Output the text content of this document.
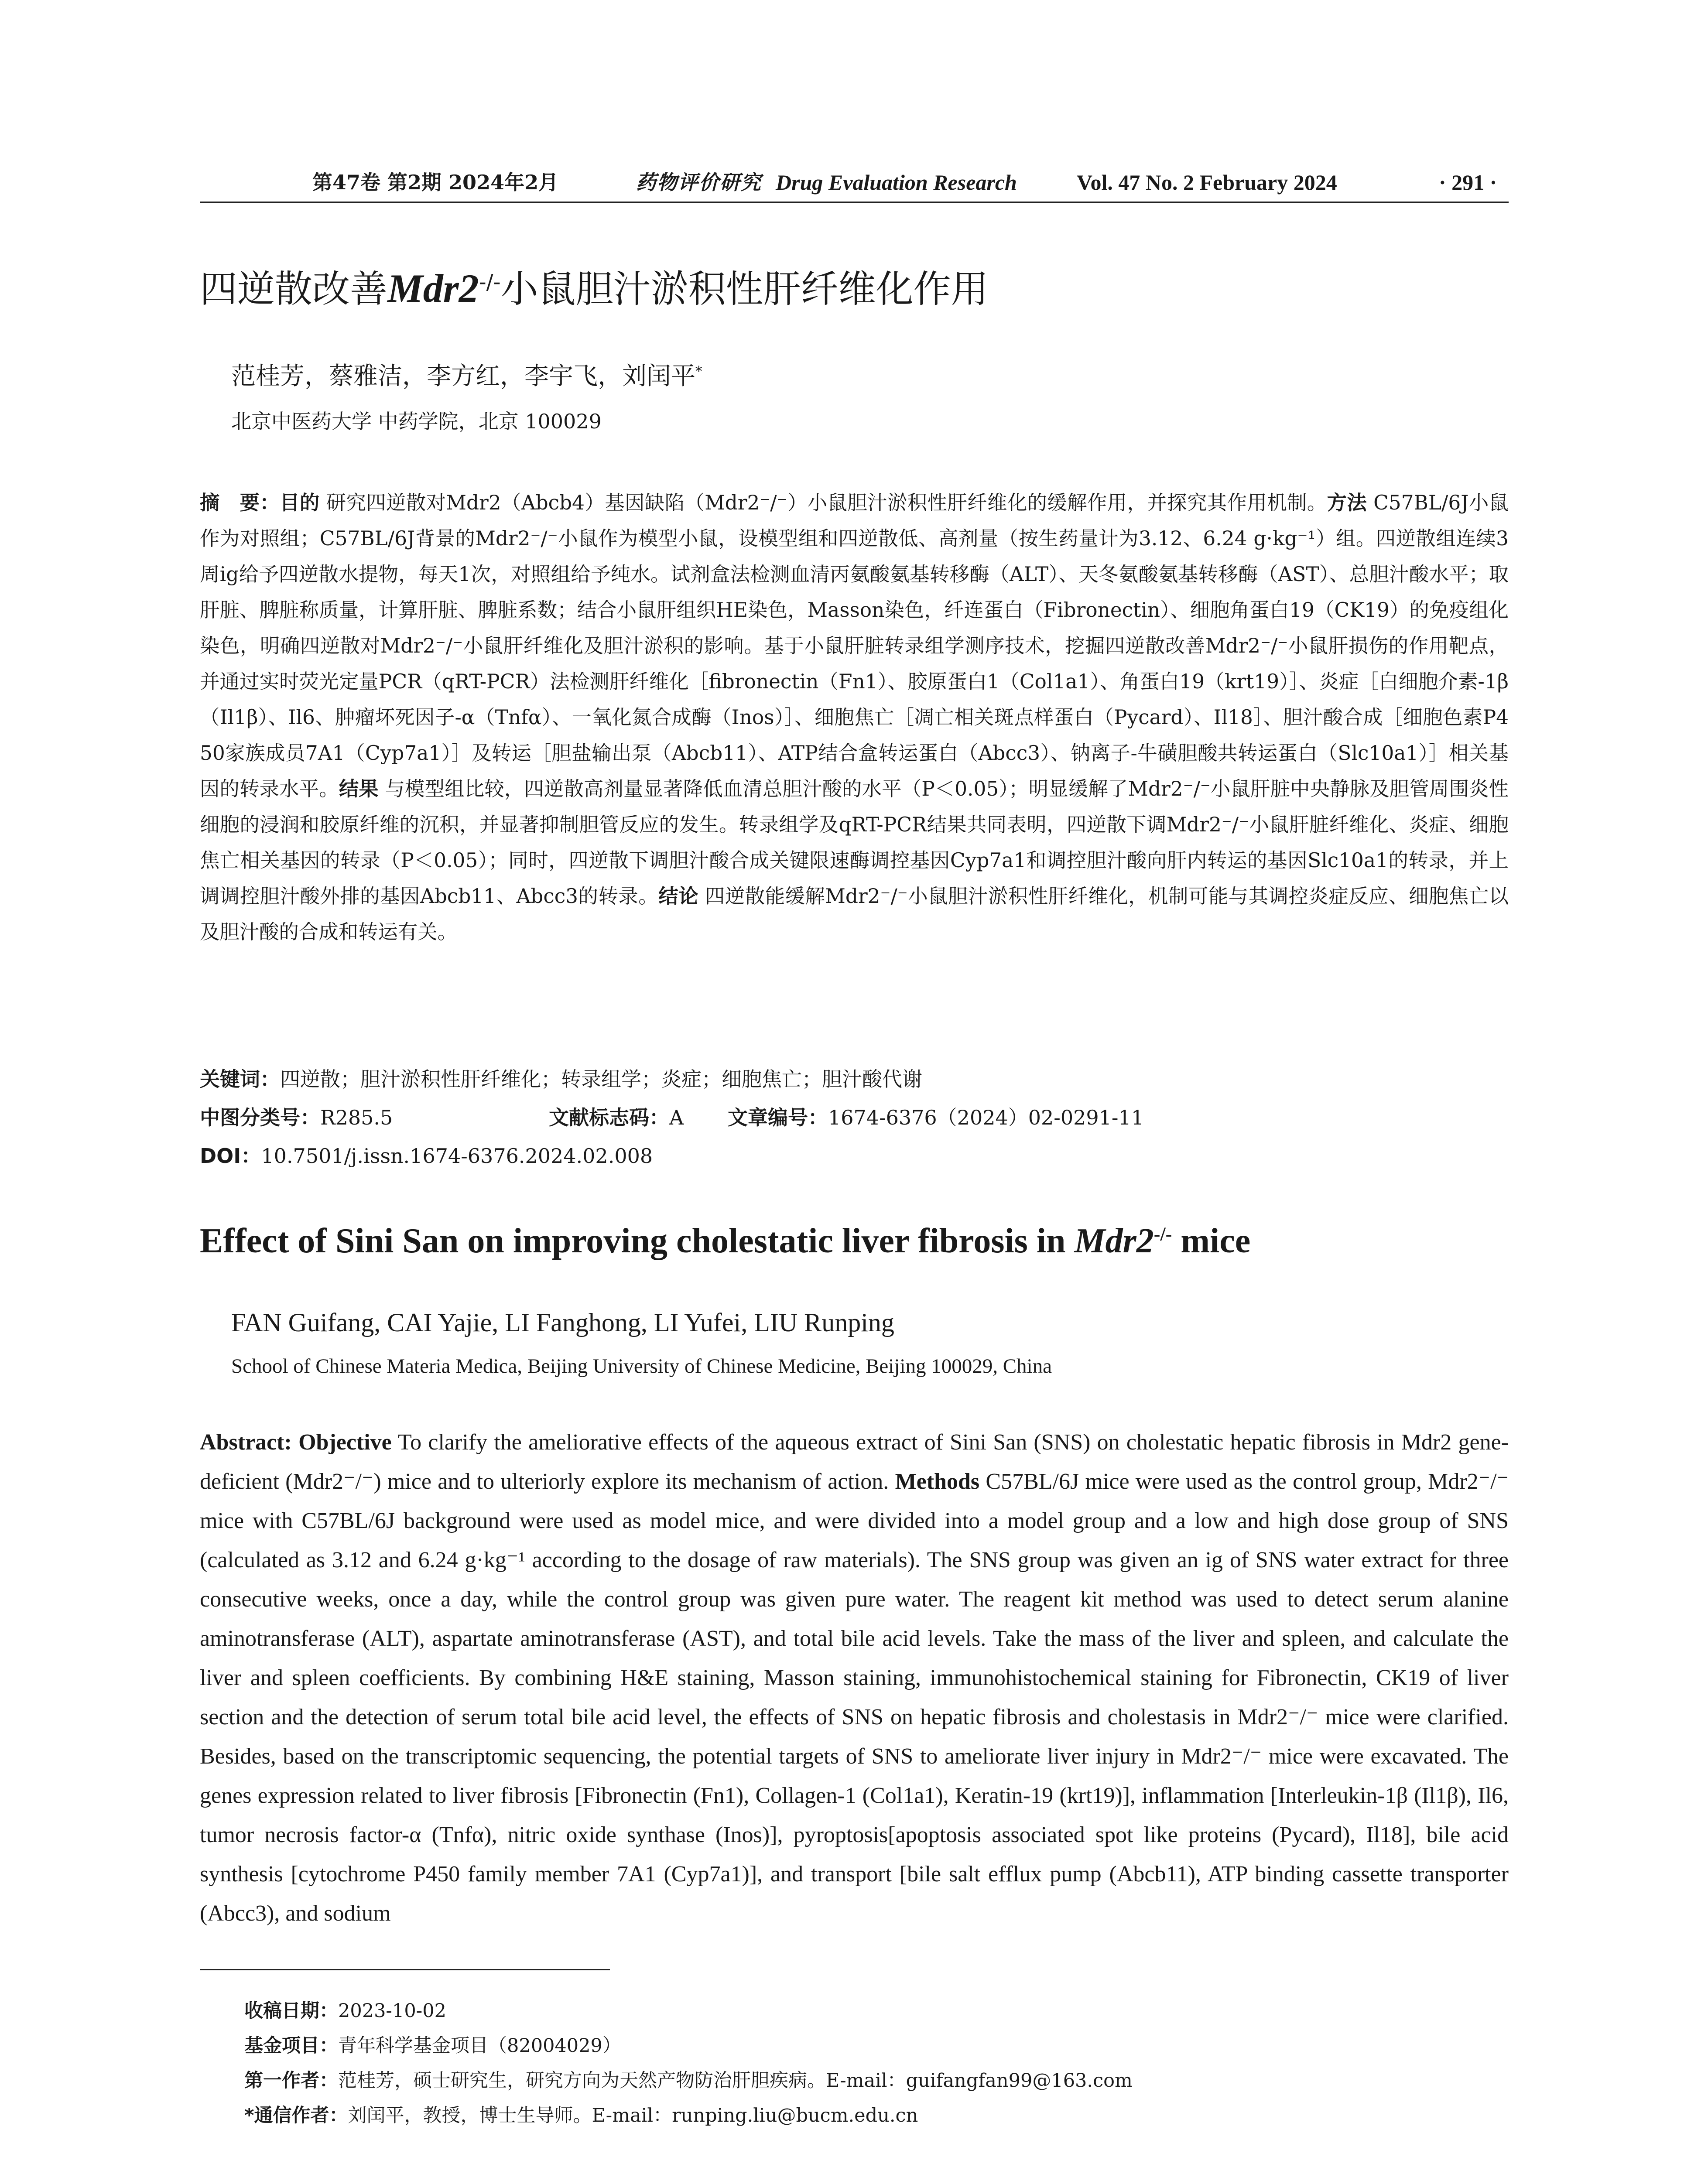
第47卷 第2期 2024年2月	药物评价研究 Drug Evaluation Research	Vol. 47 No. 2 February 2024	· 291 ·
四逆散改善Mdr2-/-小鼠胆汁淤积性肝纤维化作用
范桂芳，蔡雅洁，李方红，李宇飞，刘闰平*
北京中医药大学 中药学院，北京 100029
摘　要：目的 研究四逆散对Mdr2（Abcb4）基因缺陷（Mdr2⁻/⁻）小鼠胆汁淤积性肝纤维化的缓解作用，并探究其作用机制。方法 C57BL/6J小鼠作为对照组；C57BL/6J背景的Mdr2⁻/⁻小鼠作为模型小鼠，设模型组和四逆散低、高剂量（按生药量计为3.12、6.24 g·kg⁻¹）组。四逆散组连续3周ig给予四逆散水提物，每天1次，对照组给予纯水。试剂盒法检测血清丙氨酸氨基转移酶（ALT）、天冬氨酸氨基转移酶（AST）、总胆汁酸水平；取肝脏、脾脏称质量，计算肝脏、脾脏系数；结合小鼠肝组织HE染色，Masson染色，纤连蛋白（Fibronectin）、细胞角蛋白19（CK19）的免疫组化染色，明确四逆散对Mdr2⁻/⁻小鼠肝纤维化及胆汁淤积的影响。基于小鼠肝脏转录组学测序技术，挖掘四逆散改善Mdr2⁻/⁻小鼠肝损伤的作用靶点，并通过实时荧光定量PCR（qRT-PCR）法检测肝纤维化［fibronectin（Fn1）、胶原蛋白1（Col1a1）、角蛋白19（krt19）］、炎症［白细胞介素-1β（Il1β）、Il6、肿瘤坏死因子-α（Tnfα）、一氧化氮合成酶（Inos）］、细胞焦亡［凋亡相关斑点样蛋白（Pycard）、Il18］、胆汁酸合成［细胞色素P450家族成员7A1（Cyp7a1）］及转运［胆盐输出泵（Abcb11）、ATP结合盒转运蛋白（Abcc3）、钠离子-牛磺胆酸共转运蛋白（Slc10a1）］相关基因的转录水平。结果 与模型组比较，四逆散高剂量显著降低血清总胆汁酸的水平（P＜0.05）；明显缓解了Mdr2⁻/⁻小鼠肝脏中央静脉及胆管周围炎性细胞的浸润和胶原纤维的沉积，并显著抑制胆管反应的发生。转录组学及qRT-PCR结果共同表明，四逆散下调Mdr2⁻/⁻小鼠肝脏纤维化、炎症、细胞焦亡相关基因的转录（P＜0.05）；同时，四逆散下调胆汁酸合成关键限速酶调控基因Cyp7a1和调控胆汁酸向肝内转运的基因Slc10a1的转录，并上调调控胆汁酸外排的基因Abcb11、Abcc3的转录。结论 四逆散能缓解Mdr2⁻/⁻小鼠胆汁淤积性肝纤维化，机制可能与其调控炎症反应、细胞焦亡以及胆汁酸的合成和转运有关。
关键词：四逆散；胆汁淤积性肝纤维化；转录组学；炎症；细胞焦亡；胆汁酸代谢
中图分类号：R285.5	文献标志码：A 文章编号：1674-6376（2024）02-0291-11
DOI：10.7501/j.issn.1674-6376.2024.02.008
Effect of Sini San on improving cholestatic liver fibrosis in Mdr2-/- mice
FAN Guifang, CAI Yajie, LI Fanghong, LI Yufei, LIU Runping
School of Chinese Materia Medica, Beijing University of Chinese Medicine, Beijing 100029, China
Abstract: Objective To clarify the ameliorative effects of the aqueous extract of Sini San (SNS) on cholestatic hepatic fibrosis in Mdr2 gene-deficient (Mdr2⁻/⁻) mice and to ulteriorly explore its mechanism of action. Methods C57BL/6J mice were used as the control group, Mdr2⁻/⁻ mice with C57BL/6J background were used as model mice, and were divided into a model group and a low and high dose group of SNS (calculated as 3.12 and 6.24 g·kg⁻¹ according to the dosage of raw materials). The SNS group was given an ig of SNS water extract for three consecutive weeks, once a day, while the control group was given pure water. The reagent kit method was used to detect serum alanine aminotransferase (ALT), aspartate aminotransferase (AST), and total bile acid levels. Take the mass of the liver and spleen, and calculate the liver and spleen coefficients. By combining H&E staining, Masson staining, immunohistochemical staining for Fibronectin, CK19 of liver section and the detection of serum total bile acid level, the effects of SNS on hepatic fibrosis and cholestasis in Mdr2⁻/⁻ mice were clarified. Besides, based on the transcriptomic sequencing, the potential targets of SNS to ameliorate liver injury in Mdr2⁻/⁻ mice were excavated. The genes expression related to liver fibrosis [Fibronectin (Fn1), Collagen-1 (Col1a1), Keratin-19 (krt19)], inflammation [Interleukin-1β (Il1β), Il6, tumor necrosis factor-α (Tnfα), nitric oxide synthase (Inos)], pyroptosis[apoptosis associated spot like proteins (Pycard), Il18], bile acid synthesis [cytochrome P450 family member 7A1 (Cyp7a1)], and transport [bile salt efflux pump (Abcb11), ATP binding cassette transporter (Abcc3), and sodium
收稿日期：2023-10-02
基金项目：青年科学基金项目（82004029）
第一作者：范桂芳，硕士研究生，研究方向为天然产物防治肝胆疾病。E-mail：guifangfan99@163.com
*通信作者：刘闰平，教授，博士生导师。E-mail：runping.liu@bucm.edu.cn
